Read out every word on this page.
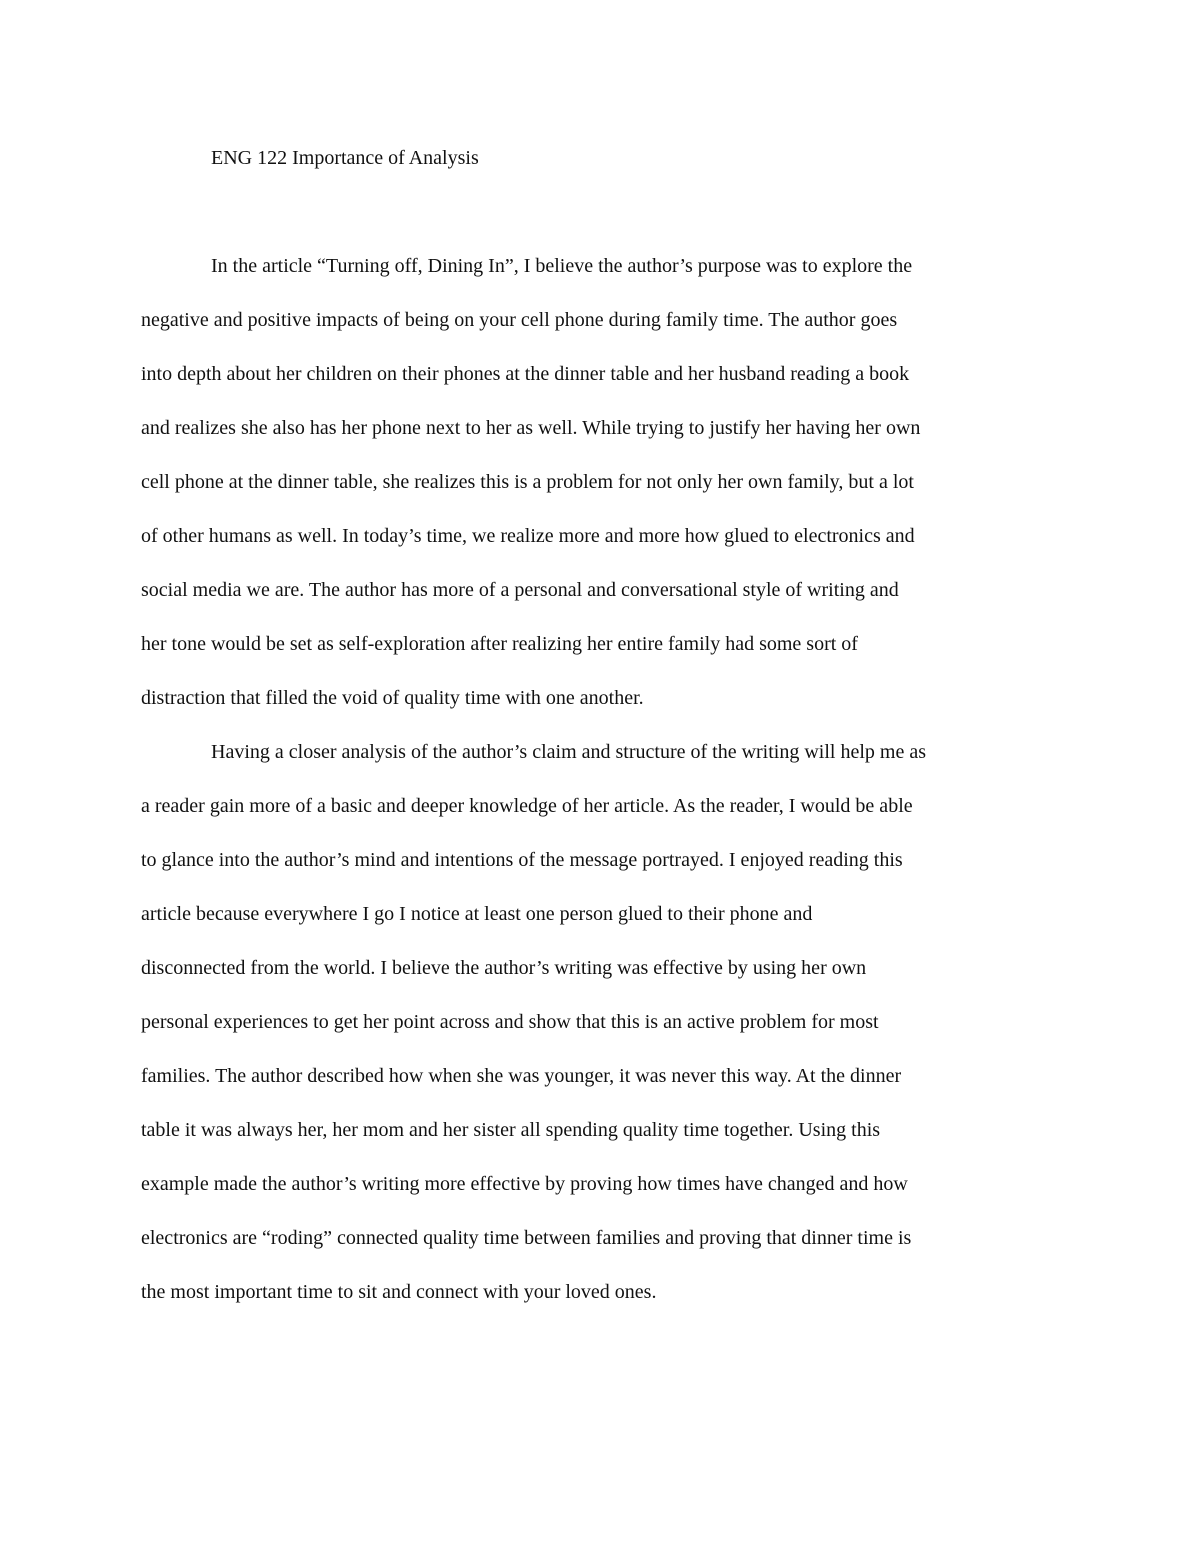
ENG 122 Importance of Analysis
In the article “Turning off, Dining In”, I believe the author’s purpose was to explore the
negative and positive impacts of being on your cell phone during family time. The author goes
into depth about her children on their phones at the dinner table and her husband reading a book
and realizes she also has her phone next to her as well. While trying to justify her having her own
cell phone at the dinner table, she realizes this is a problem for not only her own family, but a lot
of other humans as well. In today’s time, we realize more and more how glued to electronics and
social media we are. The author has more of a personal and conversational style of writing and
her tone would be set as self-exploration after realizing her entire family had some sort of
distraction that filled the void of quality time with one another.
Having a closer analysis of the author’s claim and structure of the writing will help me as
a reader gain more of a basic and deeper knowledge of her article. As the reader, I would be able
to glance into the author’s mind and intentions of the message portrayed. I enjoyed reading this
article because everywhere I go I notice at least one person glued to their phone and
disconnected from the world. I believe the author’s writing was effective by using her own
personal experiences to get her point across and show that this is an active problem for most
families. The author described how when she was younger, it was never this way. At the dinner
table it was always her, her mom and her sister all spending quality time together. Using this
example made the author’s writing more effective by proving how times have changed and how
electronics are “roding” connected quality time between families and proving that dinner time is
the most important time to sit and connect with your loved ones.
